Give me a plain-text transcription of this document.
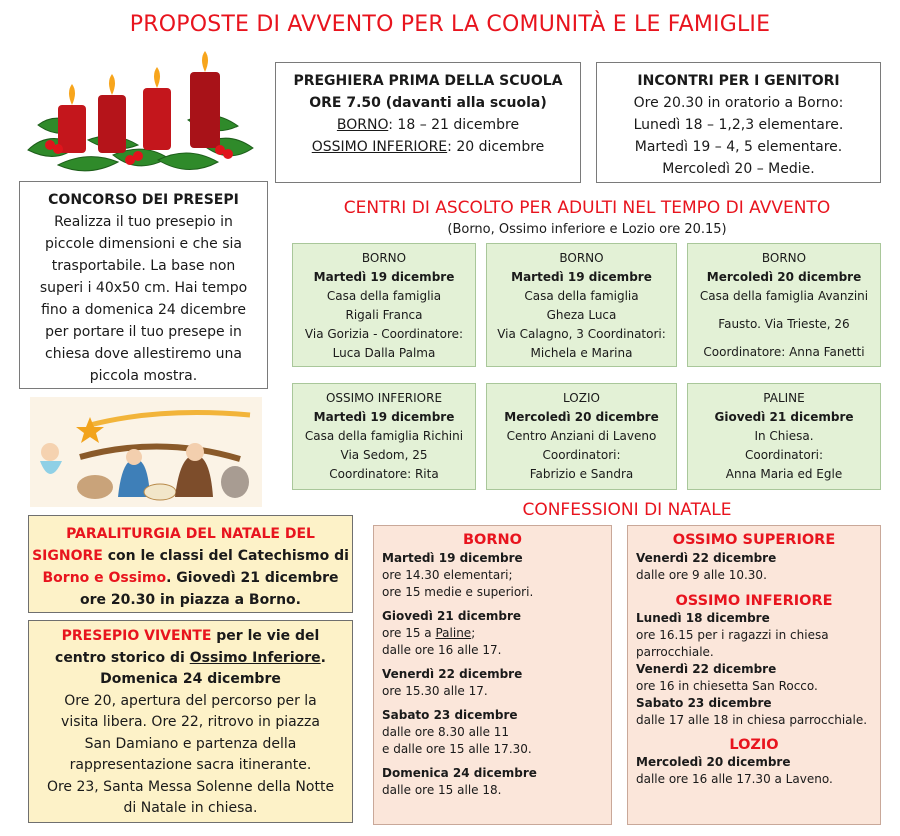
PROPOSTE DI AVVENTO PER LA COMUNITÀ E LE FAMIGLIE
PREGHIERA PRIMA DELLA SCUOLA
ORE 7.50 (davanti alla scuola)
BORNO: 18 – 21 dicembre
OSSIMO INFERIORE: 20 dicembre
INCONTRI PER I GENITORI
Ore 20.30 in oratorio a Borno:
Lunedì 18 – 1,2,3 elementare.
Martedì 19 – 4, 5 elementare.
Mercoledì 20 – Medie.
CONCORSO DEI PRESEPI
Realizza il tuo presepio in
piccole dimensioni e che sia
trasportabile. La base non
superi i 40x50 cm. Hai tempo
fino a domenica 24 dicembre
per portare il tuo presepe in
chiesa dove allestiremo una
piccola mostra.
CENTRI DI ASCOLTO PER ADULTI NEL TEMPO DI AVVENTO
(Borno, Ossimo inferiore e Lozio ore 20.15)
BORNO
Martedì 19 dicembre
Casa della famiglia
Rigali Franca
Via Gorizia - Coordinatore:
Luca Dalla Palma
BORNO
Martedì 19 dicembre
Casa della famiglia
Gheza Luca
Via Calagno, 3 Coordinatori:
Michela e Marina
BORNO
Mercoledì 20 dicembre
Casa della famiglia Avanzini
Fausto. Via Trieste, 26
Coordinatore: Anna Fanetti
OSSIMO INFERIORE
Martedì 19 dicembre
Casa della famiglia Richini
Via Sedom, 25
Coordinatore: Rita
LOZIO
Mercoledì 20 dicembre
Centro Anziani di Laveno
Coordinatori:
Fabrizio e Sandra
PALINE
Giovedì 21 dicembre
In Chiesa.
Coordinatori:
Anna Maria ed Egle
PARALITURGIA DEL NATALE DEL
SIGNORE con le classi del Catechismo di
Borno e Ossimo. Giovedì 21 dicembre
ore 20.30 in piazza a Borno.
PRESEPIO VIVENTE per le vie del
centro storico di Ossimo Inferiore.
Domenica 24 dicembre
Ore 20, apertura del percorso per la
visita libera. Ore 22, ritrovo in piazza
San Damiano e partenza della
rappresentazione sacra itinerante.
Ore 23, Santa Messa Solenne della Notte
di Natale in chiesa.
CONFESSIONI DI NATALE
BORNO
Martedì 19 dicembre
ore 14.30 elementari;
ore 15 medie e superiori.
Giovedì 21 dicembre
ore 15 a Paline;
dalle ore 16 alle 17.
Venerdì 22 dicembre
ore 15.30 alle 17.
Sabato 23 dicembre
dalle ore 8.30 alle 11
e dalle ore 15 alle 17.30.
Domenica 24 dicembre
dalle ore 15 alle 18.
OSSIMO SUPERIORE
Venerdì 22 dicembre
dalle ore 9 alle 10.30.
OSSIMO INFERIORE
Lunedì 18 dicembre
ore 16.15 per i ragazzi in chiesa
parrocchiale.
Venerdì 22 dicembre
ore 16 in chiesetta San Rocco.
Sabato 23 dicembre
dalle 17 alle 18 in chiesa parrocchiale.
LOZIO
Mercoledì 20 dicembre
dalle ore 16 alle 17.30 a Laveno.
